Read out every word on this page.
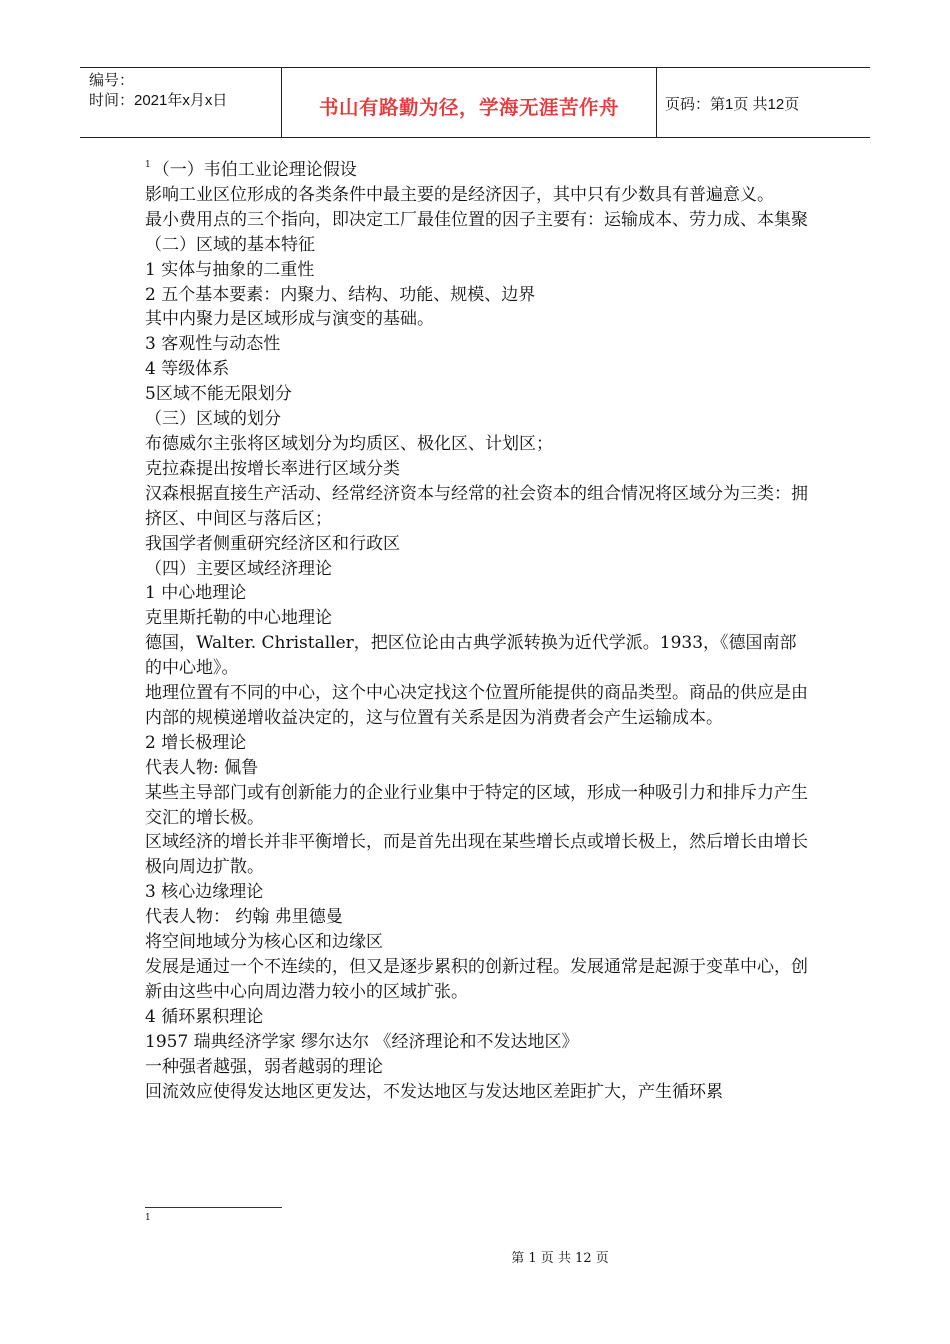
编号：
时间：2021年x月x日	书山有路勤为径，学海无涯苦作舟	页码：第1页 共12页

$^1$ （一）韦伯工业论理论假设

影响工业区位形成的各类条件中最主要的是经济因子，其中只有少数具有普遍意义。

最小费用点的三个指向，即决定工厂最佳位置的因子主要有：运输成本、劳力成、本集聚

（二）区域的基本特征

1 实体与抽象的二重性

2 五个基本要素：内聚力、结构、功能、规模、边界

其中内聚力是区域形成与演变的基础。

3 客观性与动态性

4 等级体系

5区域不能无限划分

（三）区域的划分

布德威尔主张将区域划分为均质区、极化区、计划区；

克拉森提出按增长率进行区域分类

汉森根据直接生产活动、经常经济资本与经常的社会资本的组合情况将区域分为三类：拥挤区、中间区与落后区；

我国学者侧重研究经济区和行政区

（四）主要区域经济理论

1 中心地理论

克里斯托勒的中心地理论

德国，Walter. Christaller，把区位论由古典学派转换为近代学派。1933，《德国南部的中心地》。

地理位置有不同的中心，这个中心决定找这个位置所能提供的商品类型。商品的供应是由内部的规模递增收益决定的，这与位置有关系是因为消费者会产生运输成本。

2 增长极理论

代表人物: 佩鲁

某些主导部门或有创新能力的企业行业集中于特定的区域，形成一种吸引力和排斥力产生交汇的增长极。

区域经济的增长并非平衡增长，而是首先出现在某些增长点或增长极上，然后增长由增长极向周边扩散。

3 核心边缘理论

代表人物： 约翰 弗里德曼

将空间地域分为核心区和边缘区

发展是通过一个不连续的，但又是逐步累积的创新过程。发展通常是起源于变革中心，创新由这些中心向周边潜力较小的区域扩张。

4 循环累积理论

1957 瑞典经济学家 缪尔达尔 《经济理论和不发达地区》

一种强者越强，弱者越弱的理论

回流效应使得发达地区更发达，不发达地区与发达地区差距扩大，产生循环累

1
第 1 页 共 12 页
